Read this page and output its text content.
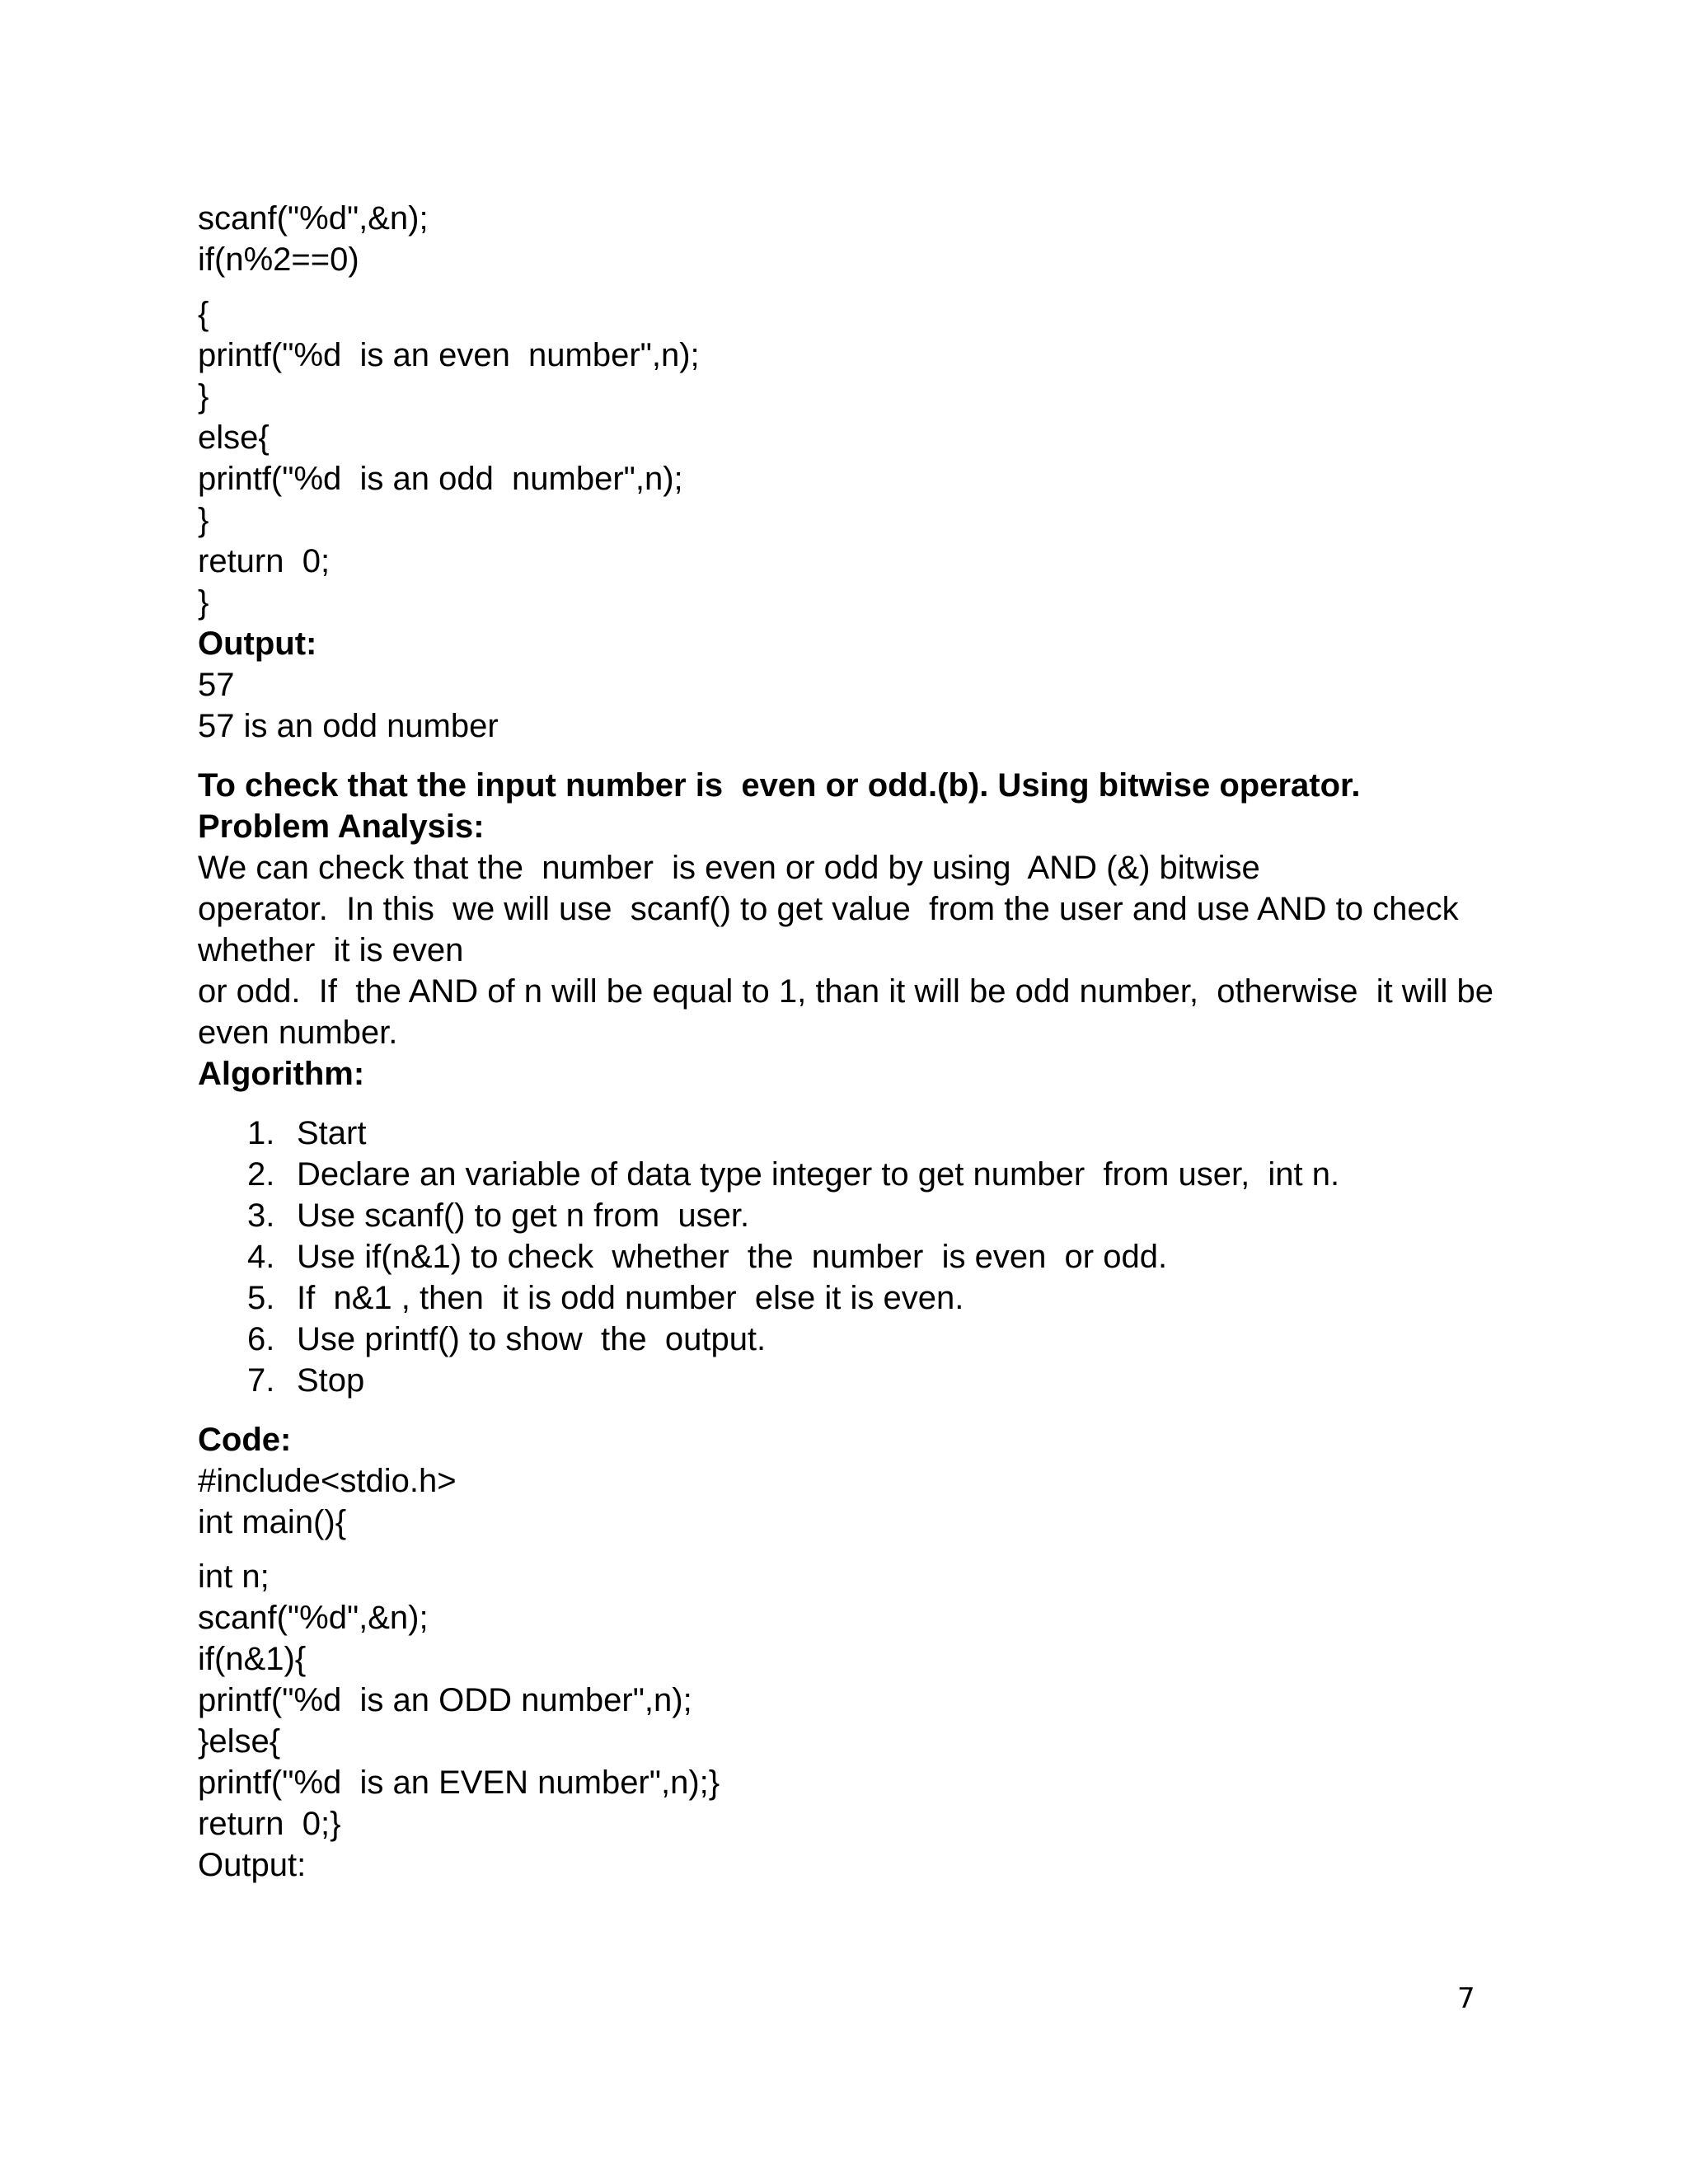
scanf("%d",&n);

if(n%2==0)

{

printf("%d  is an even  number",n);

}

else{

printf("%d  is an odd  number",n);

}

return  0;

}

Output:

57

57 is an odd number

To check that the input number is  even or odd.(b). Using bitwise operator.

Problem Analysis:

We can check that the  number  is even or odd by using  AND (&) bitwise

operator.  In this  we will use  scanf() to get value  from the user and use AND to check

whether  it is even

or odd.  If  the AND of n will be equal to 1, than it will be odd number,  otherwise  it will be

even number.

Algorithm:

1. Start
2. Declare an variable of data type integer to get number  from user,  int n.
3. Use scanf() to get n from  user.
4. Use if(n&1) to check  whether  the  number  is even  or odd.
5. If  n&1 , then  it is odd number  else it is even.
6. Use printf() to show  the  output.
7. Stop

Code:

#include<stdio.h>

int main(){

int n;

scanf("%d",&n);

if(n&1){

printf("%d  is an ODD number",n);

}else{

printf("%d  is an EVEN number",n);}

return  0;}

Output:

7
